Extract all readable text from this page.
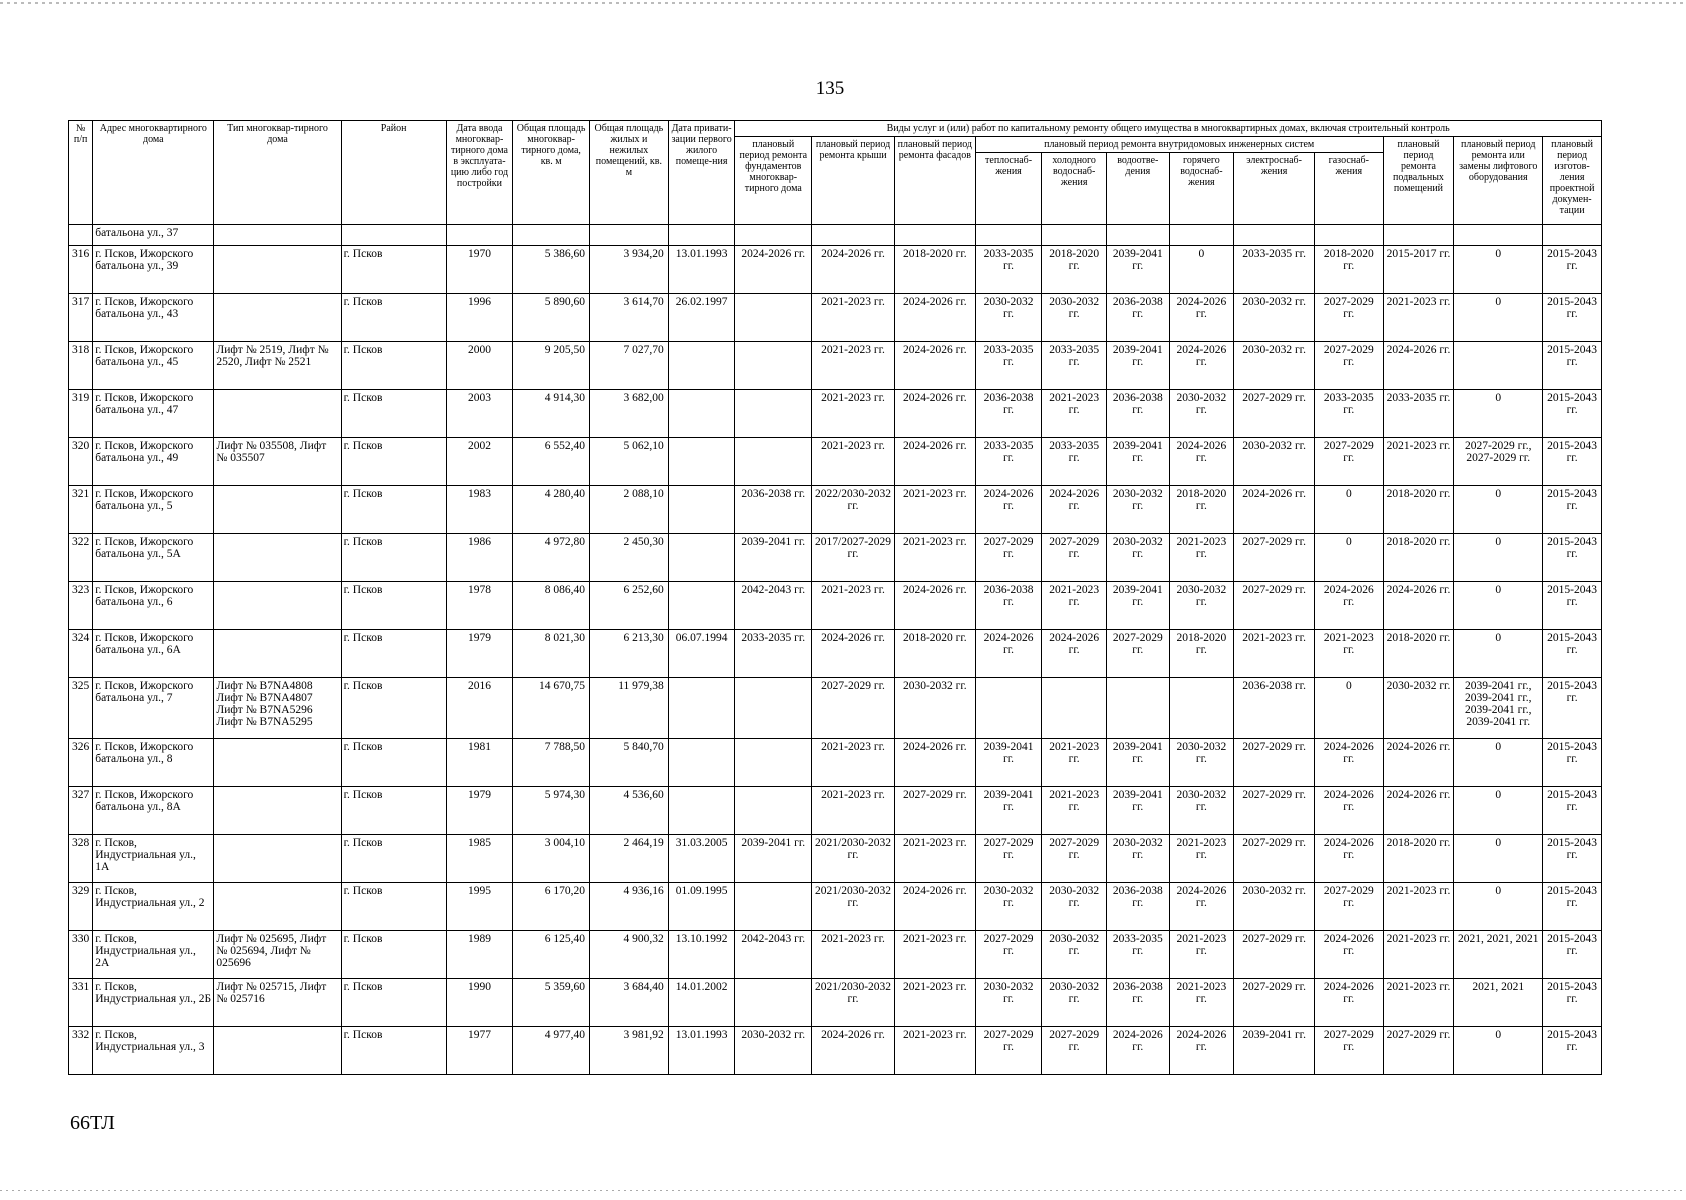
135
№ п/п	Адрес многоквартирного дома	Тип многоквар-тирного дома	Район	Дата ввода многоквар-тирного дома в эксплуата-цию либо год постройки	Общая площадь многоквар-тирного дома, кв. м	Общая площадь жилых и нежилых помещений, кв. м	Дата привати-зации первого жилого помеще-ния	Виды услуг и (или) работ по капитальному ремонту общего имущества в многоквартирных домах, включая строительный контроль											
								плановый период ремонта фундаментов многоквар-тирного дома	плановый период ремонта крыши	плановый период ремонта фасадов	плановый период ремонта внутридомовых инженерных систем						плановый период ремонта подвальных помещений	плановый период ремонта или замены лифтового оборудования	плановый период изготов-ления проектной докумен-тации
											теплоснаб-жения	холодного водоснаб-жения	водоотве-дения	горячего водоснаб-жения	электроснаб-жения	газоснаб-жения			
	батальона ул., 37																		
316	г. Псков, Ижорского батальона ул., 39		г. Псков	1970	5 386,60	3 934,20	13.01.1993	2024-2026 гг.	2024-2026 гг.	2018-2020 гг.	2033-2035 гг.	2018-2020 гг.	2039-2041 гг.	0	2033-2035 гг.	2018-2020 гг.	2015-2017 гг.	0	2015-2043 гг.
317	г. Псков, Ижорского батальона ул., 43		г. Псков	1996	5 890,60	3 614,70	26.02.1997		2021-2023 гг.	2024-2026 гг.	2030-2032 гг.	2030-2032 гг.	2036-2038 гг.	2024-2026 гг.	2030-2032 гг.	2027-2029 гг.	2021-2023 гг.	0	2015-2043 гг.
318	г. Псков, Ижорского батальона ул., 45	Лифт № 2519, Лифт № 2520, Лифт № 2521	г. Псков	2000	9 205,50	7 027,70			2021-2023 гг.	2024-2026 гг.	2033-2035 гг.	2033-2035 гг.	2039-2041 гг.	2024-2026 гг.	2030-2032 гг.	2027-2029 гг.	2024-2026 гг.		2015-2043 гг.
319	г. Псков, Ижорского батальона ул., 47		г. Псков	2003	4 914,30	3 682,00			2021-2023 гг.	2024-2026 гг.	2036-2038 гг.	2021-2023 гг.	2036-2038 гг.	2030-2032 гг.	2027-2029 гг.	2033-2035 гг.	2033-2035 гг.	0	2015-2043 гг.
320	г. Псков, Ижорского батальона ул., 49	Лифт № 035508, Лифт № 035507	г. Псков	2002	6 552,40	5 062,10			2021-2023 гг.	2024-2026 гг.	2033-2035 гг.	2033-2035 гг.	2039-2041 гг.	2024-2026 гг.	2030-2032 гг.	2027-2029 гг.	2021-2023 гг.	2027-2029 гг., 2027-2029 гг.	2015-2043 гг.
321	г. Псков, Ижорского батальона ул., 5		г. Псков	1983	4 280,40	2 088,10		2036-2038 гг.	2022/2030-2032 гг.	2021-2023 гг.	2024-2026 гг.	2024-2026 гг.	2030-2032 гг.	2018-2020 гг.	2024-2026 гг.	0	2018-2020 гг.	0	2015-2043 гг.
322	г. Псков, Ижорского батальона ул., 5А		г. Псков	1986	4 972,80	2 450,30		2039-2041 гг.	2017/2027-2029 гг.	2021-2023 гг.	2027-2029 гг.	2027-2029 гг.	2030-2032 гг.	2021-2023 гг.	2027-2029 гг.	0	2018-2020 гг.	0	2015-2043 гг.
323	г. Псков, Ижорского батальона ул., 6		г. Псков	1978	8 086,40	6 252,60		2042-2043 гг.	2021-2023 гг.	2024-2026 гг.	2036-2038 гг.	2021-2023 гг.	2039-2041 гг.	2030-2032 гг.	2027-2029 гг.	2024-2026 гг.	2024-2026 гг.	0	2015-2043 гг.
324	г. Псков, Ижорского батальона ул., 6А		г. Псков	1979	8 021,30	6 213,30	06.07.1994	2033-2035 гг.	2024-2026 гг.	2018-2020 гг.	2024-2026 гг.	2024-2026 гг.	2027-2029 гг.	2018-2020 гг.	2021-2023 гг.	2021-2023 гг.	2018-2020 гг.	0	2015-2043 гг.
325	г. Псков, Ижорского батальона ул., 7	Лифт № B7NA4808 Лифт № B7NA4807 Лифт № B7NA5296 Лифт № B7NA5295	г. Псков	2016	14 670,75	11 979,38			2027-2029 гг.	2030-2032 гг.					2036-2038 гг.	0	2030-2032 гг.	2039-2041 гг., 2039-2041 гг., 2039-2041 гг., 2039-2041 гг.	2015-2043 гг.
326	г. Псков, Ижорского батальона ул., 8		г. Псков	1981	7 788,50	5 840,70			2021-2023 гг.	2024-2026 гг.	2039-2041 гг.	2021-2023 гг.	2039-2041 гг.	2030-2032 гг.	2027-2029 гг.	2024-2026 гг.	2024-2026 гг.	0	2015-2043 гг.
327	г. Псков, Ижорского батальона ул., 8А		г. Псков	1979	5 974,30	4 536,60			2021-2023 гг.	2027-2029 гг.	2039-2041 гг.	2021-2023 гг.	2039-2041 гг.	2030-2032 гг.	2027-2029 гг.	2024-2026 гг.	2024-2026 гг.	0	2015-2043 гг.
328	г. Псков, Индустриальная ул., 1А		г. Псков	1985	3 004,10	2 464,19	31.03.2005	2039-2041 гг.	2021/2030-2032 гг.	2021-2023 гг.	2027-2029 гг.	2027-2029 гг.	2030-2032 гг.	2021-2023 гг.	2027-2029 гг.	2024-2026 гг.	2018-2020 гг.	0	2015-2043 гг.
329	г. Псков, Индустриальная ул., 2		г. Псков	1995	6 170,20	4 936,16	01.09.1995		2021/2030-2032 гг.	2024-2026 гг.	2030-2032 гг.	2030-2032 гг.	2036-2038 гг.	2024-2026 гг.	2030-2032 гг.	2027-2029 гг.	2021-2023 гг.	0	2015-2043 гг.
330	г. Псков, Индустриальная ул., 2А	Лифт № 025695, Лифт № 025694, Лифт № 025696	г. Псков	1989	6 125,40	4 900,32	13.10.1992	2042-2043 гг.	2021-2023 гг.	2021-2023 гг.	2027-2029 гг.	2030-2032 гг.	2033-2035 гг.	2021-2023 гг.	2027-2029 гг.	2024-2026 гг.	2021-2023 гг.	2021, 2021, 2021	2015-2043 гг.
331	г. Псков, Индустриальная ул., 2Б	Лифт № 025715, Лифт № 025716	г. Псков	1990	5 359,60	3 684,40	14.01.2002		2021/2030-2032 гг.	2021-2023 гг.	2030-2032 гг.	2030-2032 гг.	2036-2038 гг.	2021-2023 гг.	2027-2029 гг.	2024-2026 гг.	2021-2023 гг.	2021, 2021	2015-2043 гг.
332	г. Псков, Индустриальная ул., 3		г. Псков	1977	4 977,40	3 981,92	13.01.1993	2030-2032 гг.	2024-2026 гг.	2021-2023 гг.	2027-2029 гг.	2027-2029 гг.	2024-2026 гг.	2024-2026 гг.	2039-2041 гг.	2027-2029 гг.	2027-2029 гг.	0	2015-2043 гг.
66ТЛ
